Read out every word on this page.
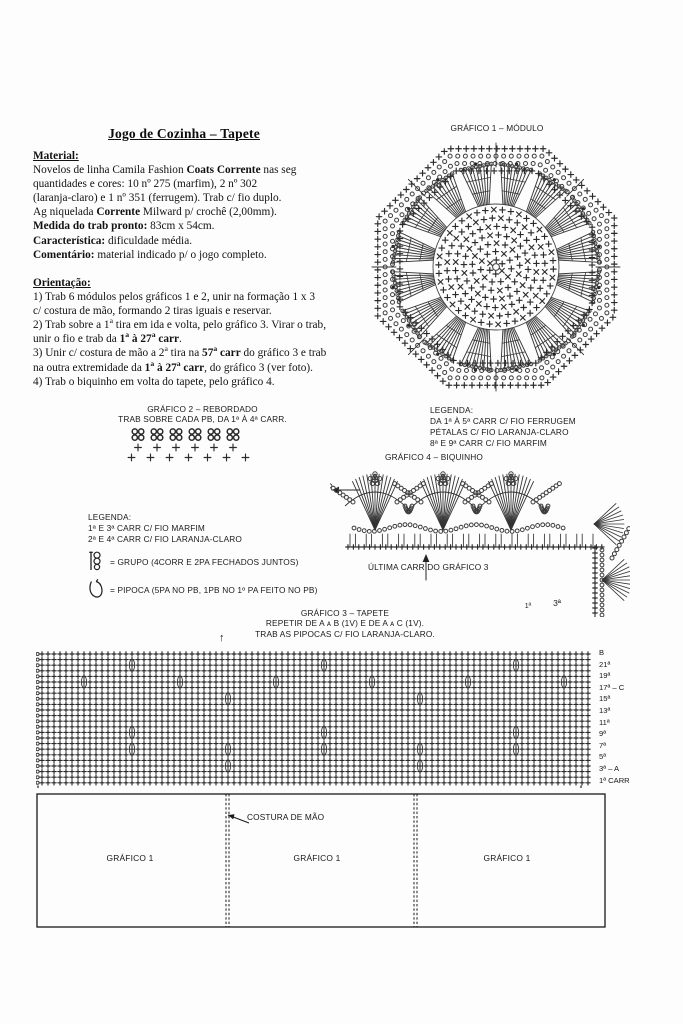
Jogo de Cozinha – Tapete
Material:
Novelos de linha Camila Fashion Coats Corrente nas seg
quantidades e cores: 10 nº 275 (marfim), 2 nº 302
(laranja-claro) e 1 nº 351 (ferrugem). Trab c/ fio duplo.
Ag niquelada Corrente Milward p/ crochê (2,00mm).
Medida do trab pronto: 83cm x 54cm.
Característica: dificuldade média.
Comentário: material indicado p/ o jogo completo.
Orientação:
1) Trab 6 módulos pelos gráficos 1 e 2, unir na formação 1 x 3
c/ costura de mão, formando 2 tiras iguais e reservar.
2) Trab sobre a 1$^a$ tira em ida e volta, pelo gráfico 3. Virar o trab,
unir o fio e trab da 1$^a$ à 27$^a$ carr.
3) Unir c/ costura de mão a 2$^a$ tira na 57$^a$ carr do gráfico 3 e trab
na outra extremidade da 1$^a$ à 27$^a$ carr, do gráfico 3 (ver foto).
4) Trab o biquinho em volta do tapete, pelo gráfico 4.
GRÁFICO 1 – MÓDULO
LEGENDA:
DA 1ª À 5ª CARR C/ FIO FERRUGEM
PÉTALAS C/ FIO LARANJA-CLARO
8ª E 9ª CARR C/ FIO MARFIM
GRÁFICO 2 – REBORDADO
TRAB SOBRE CADA PB, DA 1ª À 4ª CARR.
LEGENDA:
1ª E 3ª CARR C/ FIO MARFIM
2ª E 4ª CARR C/ FIO LARANJA-CLARO
= GRUPO (4CORR E 2PA FECHADOS JUNTOS)
= PIPOCA (5PA NO PB, 1PB NO 1º PA FEITO NO PB)
GRÁFICO 4 – BIQUINHO
ÚLTIMA CARR DO GRÁFICO 3
1ª	3ª
GRÁFICO 3 – TAPETE
REPETIR DE A ᴀ B (1V) E DE A ᴀ C (1V).
TRAB AS PIPOCAS C/ FIO LARANJA-CLARO.
↑
B
21ª
19ª
17ª – C
15ª
13ª
11ª
9ª
7ª
5ª
3ª – A
1ª CARR
COSTURA DE MÃO
GRÁFICO 1	GRÁFICO 1	GRÁFICO 1
